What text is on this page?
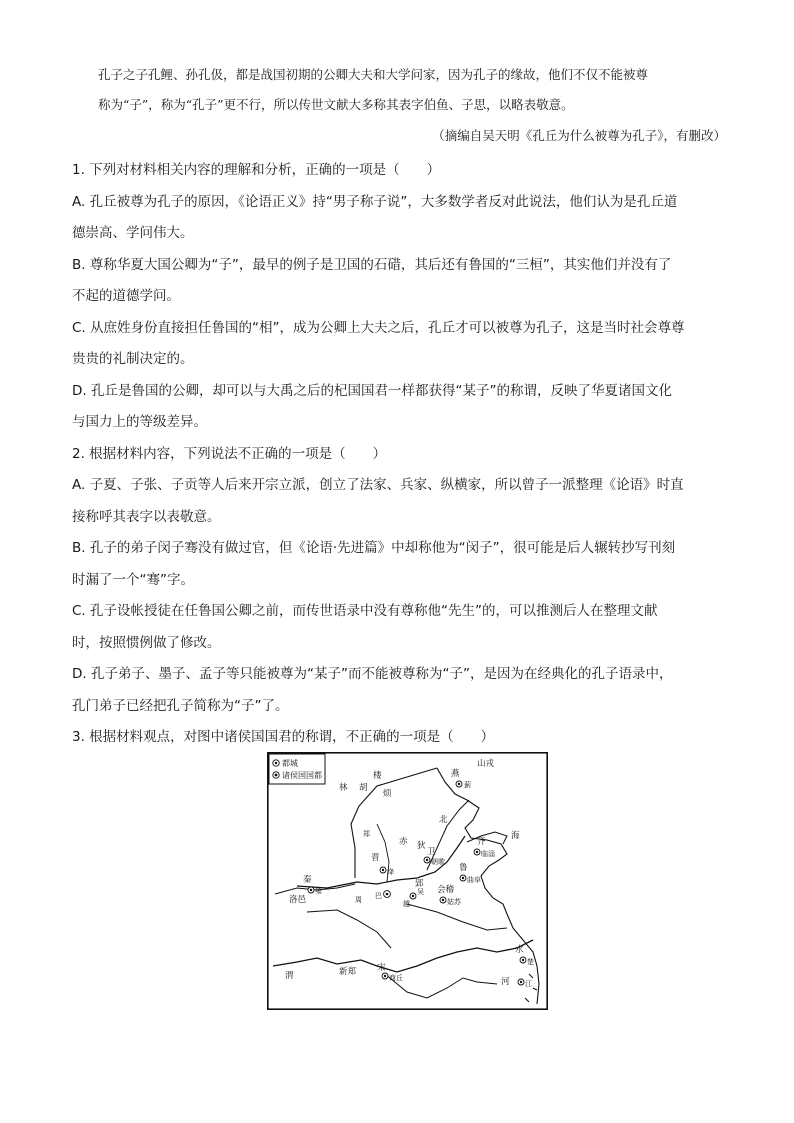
孔子之子孔鲤、孙孔伋，都是战国初期的公卿大夫和大学问家，因为孔子的缘故，他们不仅不能被尊
称为“子”，称为“孔子”更不行，所以传世文献大多称其表字伯鱼、子思，以略表敬意。
（摘编自吴天明《孔丘为什么被尊为孔子》，有删改）
1. 下列对材料相关内容的理解和分析，正确的一项是（　　）
A. 孔丘被尊为孔子的原因，《论语正义》持“男子称子说”，大多数学者反对此说法，他们认为是孔丘道
德崇高、学问伟大。
B. 尊称华夏大国公卿为“子”，最早的例子是卫国的石碏，其后还有鲁国的“三桓”，其实他们并没有了
不起的道德学问。
C. 从庶姓身份直接担任鲁国的“相”，成为公卿上大夫之后，孔丘才可以被尊为孔子，这是当时社会尊尊
贵贵的礼制决定的。
D. 孔丘是鲁国的公卿，却可以与大禹之后的杞国国君一样都获得“某子”的称谓，反映了华夏诸国文化
与国力上的等级差异。
2. 根据材料内容，下列说法不正确的一项是（　　）
A. 子夏、子张、子贡等人后来开宗立派，创立了法家、兵家、纵横家，所以曾子一派整理《论语》时直
接称呼其表字以表敬意。
B. 孔子的弟子闵子骞没有做过官，但《论语·先进篇》中却称他为“闵子”，很可能是后人辗转抄写刊刻
时漏了一个“骞”字。
C. 孔子设帐授徒在任鲁国公卿之前，而传世语录中没有尊称他“先生”的，可以推测后人在整理文献
时，按照惯例做了修改。
D. 孔子弟子、墨子、孟子等只能被尊为“某子”而不能被尊称为“子”，是因为在经典化的孔子语录中，
孔门弟子已经把孔子简称为“子”了。
3. 根据材料观点，对图中诸侯国国君的称谓，不正确的一项是（　　）
都城
诸侯国国都
山戎
楼
烦
林 胡
燕
蓟
北
海
赤 狄
卫
齐
临淄
曲阜
鲁
朝歌
晋
绛
秦
雍
洛邑	周
郑
新郑 宋
商丘
渭
水
河 江
楚
郢
巴	吴
越
会稽
姑苏
